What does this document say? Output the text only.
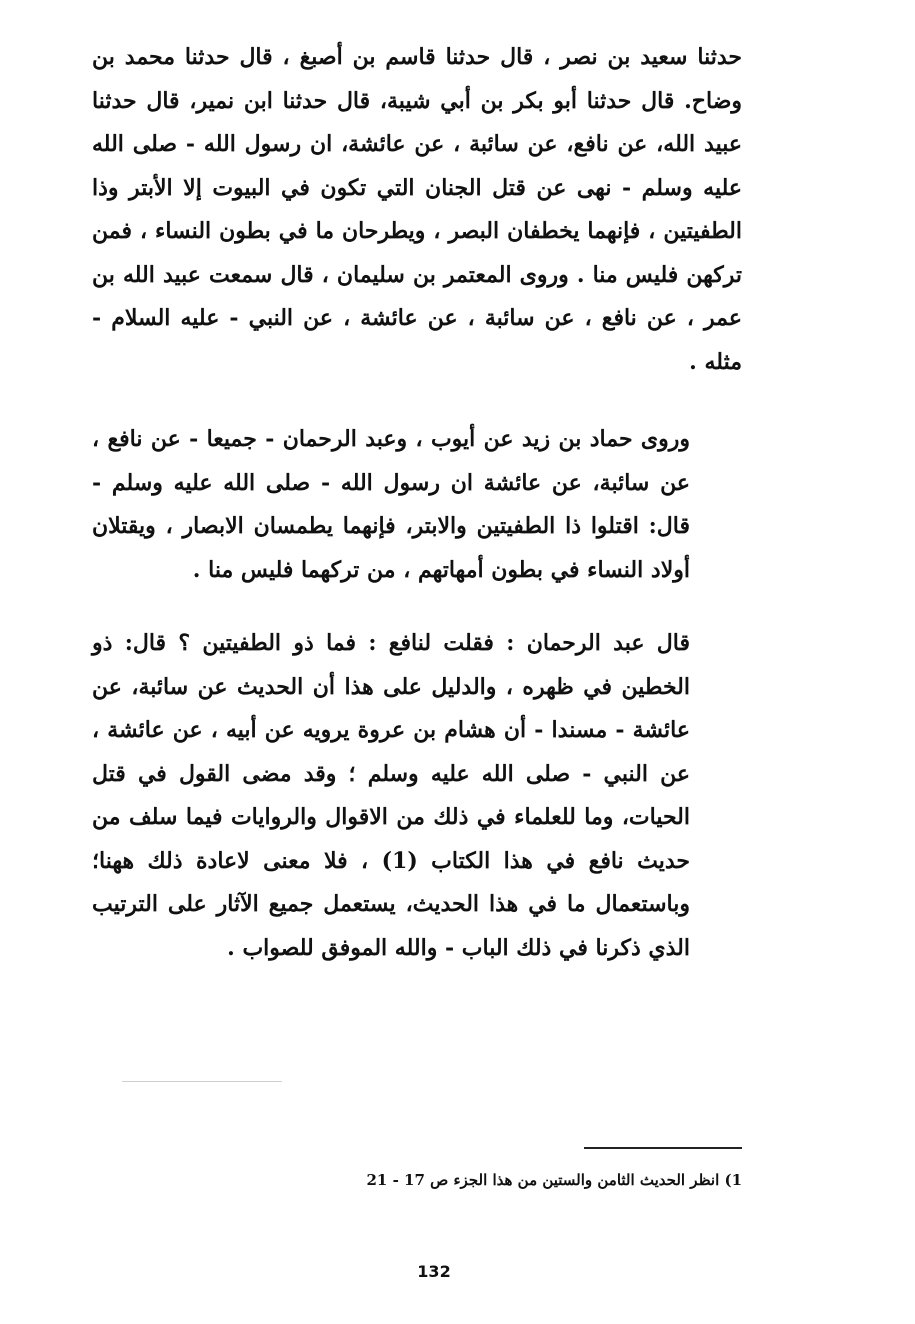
حدثنا سعيد بن نصر ، قال حدثنا قاسم بن أصبغ ، قال حدثنا محمد بن وضاح. قال حدثنا أبو بكر بن أبي شيبة، قال حدثنا ابن نمير، قال حدثنا عبيد الله، عن نافع، عن سائبة ، عن عائشة، ان رسول الله - صلى الله عليه وسلم - نهى عن قتل الجنان التي تكون في البيوت إلا الأبتر وذا الطفيتين ، فإنهما يخطفان البصر ، ويطرحان ما في بطون النساء ، فمن تركهن فليس منا . وروى المعتمر بن سليمان ، قال سمعت عبيد الله بن عمر ، عن نافع ، عن سائبة ، عن عائشة ، عن النبي - عليه السلام - مثله .

وروى حماد بن زيد عن أيوب ، وعبد الرحمان - جميعا - عن نافع ، عن سائبة، عن عائشة ان رسول الله - صلى الله عليه وسلم - قال: اقتلوا ذا الطفيتين والابتر، فإنهما يطمسان الابصار ، ويقتلان أولاد النساء في بطون أمهاتهم ، من تركهما فليس منا .

قال عبد الرحمان : فقلت لنافع : فما ذو الطفيتين ؟ قال: ذو الخطين في ظهره ، والدليل على هذا أن الحديث عن سائبة، عن عائشة - مسندا - أن هشام بن عروة يرويه عن أبيه ، عن عائشة ، عن النبي - صلى الله عليه وسلم ؛ وقد مضى القول في قتل الحيات، وما للعلماء في ذلك من الاقوال والروايات فيما سلف من حديث نافع في هذا الكتاب (1) ، فلا معنى لاعادة ذلك ههنا؛ وباستعمال ما في هذا الحديث، يستعمل جميع الآثار على الترتيب الذي ذكرنا في ذلك الباب - والله الموفق للصواب .

1) انظر الحديث الثامن والستين من هذا الجزء ص 17 - 21
132
